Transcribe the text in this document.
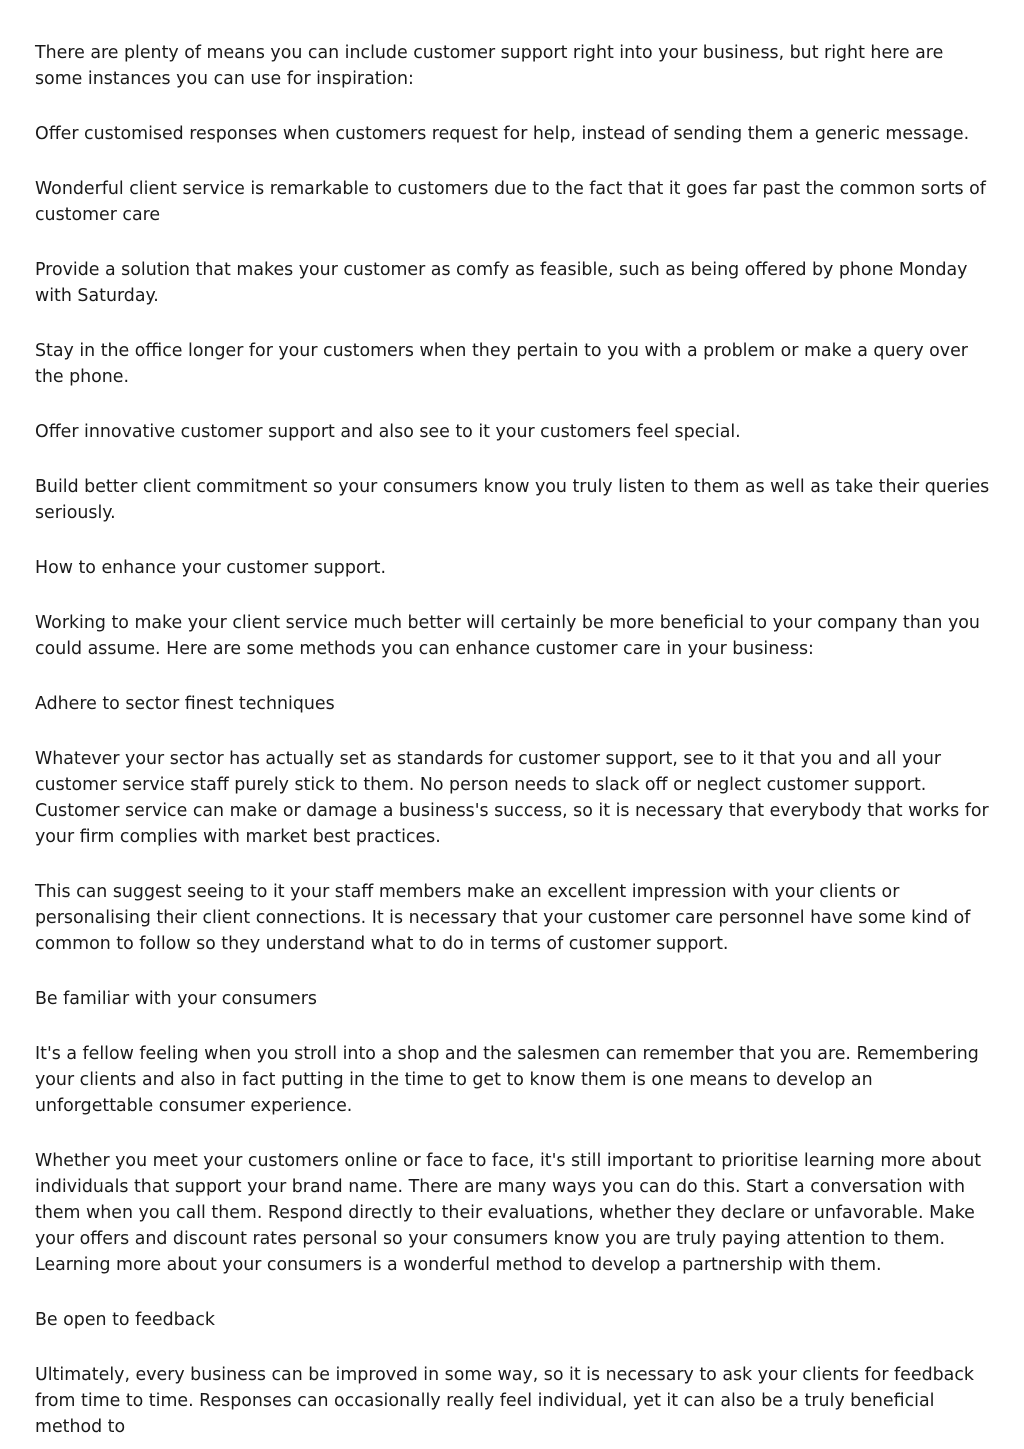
There are plenty of means you can include customer support right into your business, but right here are some instances you can use for inspiration:

Offer customised responses when customers request for help, instead of sending them a generic message.

Wonderful client service is remarkable to customers due to the fact that it goes far past the common sorts of customer care

Provide a solution that makes your customer as comfy as feasible, such as being offered by phone Monday with Saturday.

Stay in the office longer for your customers when they pertain to you with a problem or make a query over the phone.

Offer innovative customer support and also see to it your customers feel special.

Build better client commitment so your consumers know you truly listen to them as well as take their queries seriously.

How to enhance your customer support.

Working to make your client service much better will certainly be more beneficial to your company than you could assume. Here are some methods you can enhance customer care in your business:

Adhere to sector finest techniques

Whatever your sector has actually set as standards for customer support, see to it that you and all your customer service staff purely stick to them. No person needs to slack off or neglect customer support. Customer service can make or damage a business's success, so it is necessary that everybody that works for your firm complies with market best practices.

This can suggest seeing to it your staff members make an excellent impression with your clients or personalising their client connections. It is necessary that your customer care personnel have some kind of common to follow so they understand what to do in terms of customer support.

Be familiar with your consumers

It's a fellow feeling when you stroll into a shop and the salesmen can remember that you are. Remembering your clients and also in fact putting in the time to get to know them is one means to develop an unforgettable consumer experience.

Whether you meet your customers online or face to face, it's still important to prioritise learning more about individuals that support your brand name. There are many ways you can do this. Start a conversation with them when you call them. Respond directly to their evaluations, whether they declare or unfavorable. Make your offers and discount rates personal so your consumers know you are truly paying attention to them. Learning more about your consumers is a wonderful method to develop a partnership with them.

Be open to feedback

Ultimately, every business can be improved in some way, so it is necessary to ask your clients for feedback from time to time. Responses can occasionally really feel individual, yet it can also be a truly beneficial method to
